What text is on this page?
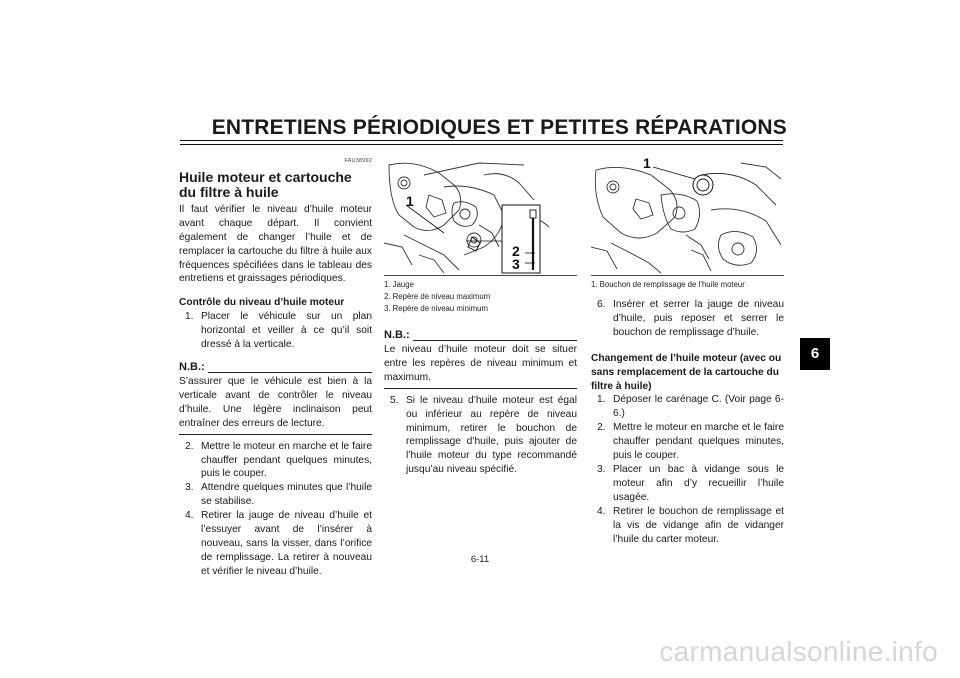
ENTRETIENS PÉRIODIQUES ET PETITES RÉPARATIONS
6
FAU38992
Huile moteur et cartouche du filtre à huile

Il faut vérifier le niveau d’huile moteur avant chaque départ. Il convient également de changer l’huile et de remplacer la cartouche du filtre à huile aux fréquences spécifiées dans le tableau des entretiens et graissages périodiques.

Contrôle du niveau d’huile moteur
1. Placer le véhicule sur un plan horizontal et veiller à ce qu’il soit dressé à la verticale.
N.B.:

S’assurer que le véhicule est bien à la verticale avant de contrôler le niveau d’huile. Une légère inclinaison peut entraîner des erreurs de lecture.

2. Mettre le moteur en marche et le faire chauffer pendant quelques minutes, puis le couper.
3. Attendre quelques minutes que l’huile se stabilise.
4. Retirer la jauge de niveau d’huile et l’essuyer avant de l’insérer à nouveau, sans la visser, dans l’orifice de remplissage. La retirer à nouveau et vérifier le niveau d’huile.
1
2
3
1. Jauge
2. Repère de niveau maximum
3. Repère de niveau minimum
N.B.:

Le niveau d’huile moteur doit se situer entre les repères de niveau minimum et maximum.

5. Si le niveau d’huile moteur est égal ou inférieur au repère de niveau minimum, retirer le bouchon de remplissage d’huile, puis ajouter de l’huile moteur du type recommandé jusqu’au niveau spécifié.
1
1. Bouchon de remplissage de l’huile moteur
6. Insérer et serrer la jauge de niveau d’huile, puis reposer et serrer le bouchon de remplissage d’huile.
Changement de l’huile moteur (avec ou sans remplacement de la cartouche du filtre à huile)
1. Déposer le carénage C. (Voir page 6-6.)
2. Mettre le moteur en marche et le faire chauffer pendant quelques minutes, puis le couper.
3. Placer un bac à vidange sous le moteur afin d’y recueillir l’huile usagée.
4. Retirer le bouchon de remplissage et la vis de vidange afin de vidanger l’huile du carter moteur.
6-11
carmanualsonline.info
